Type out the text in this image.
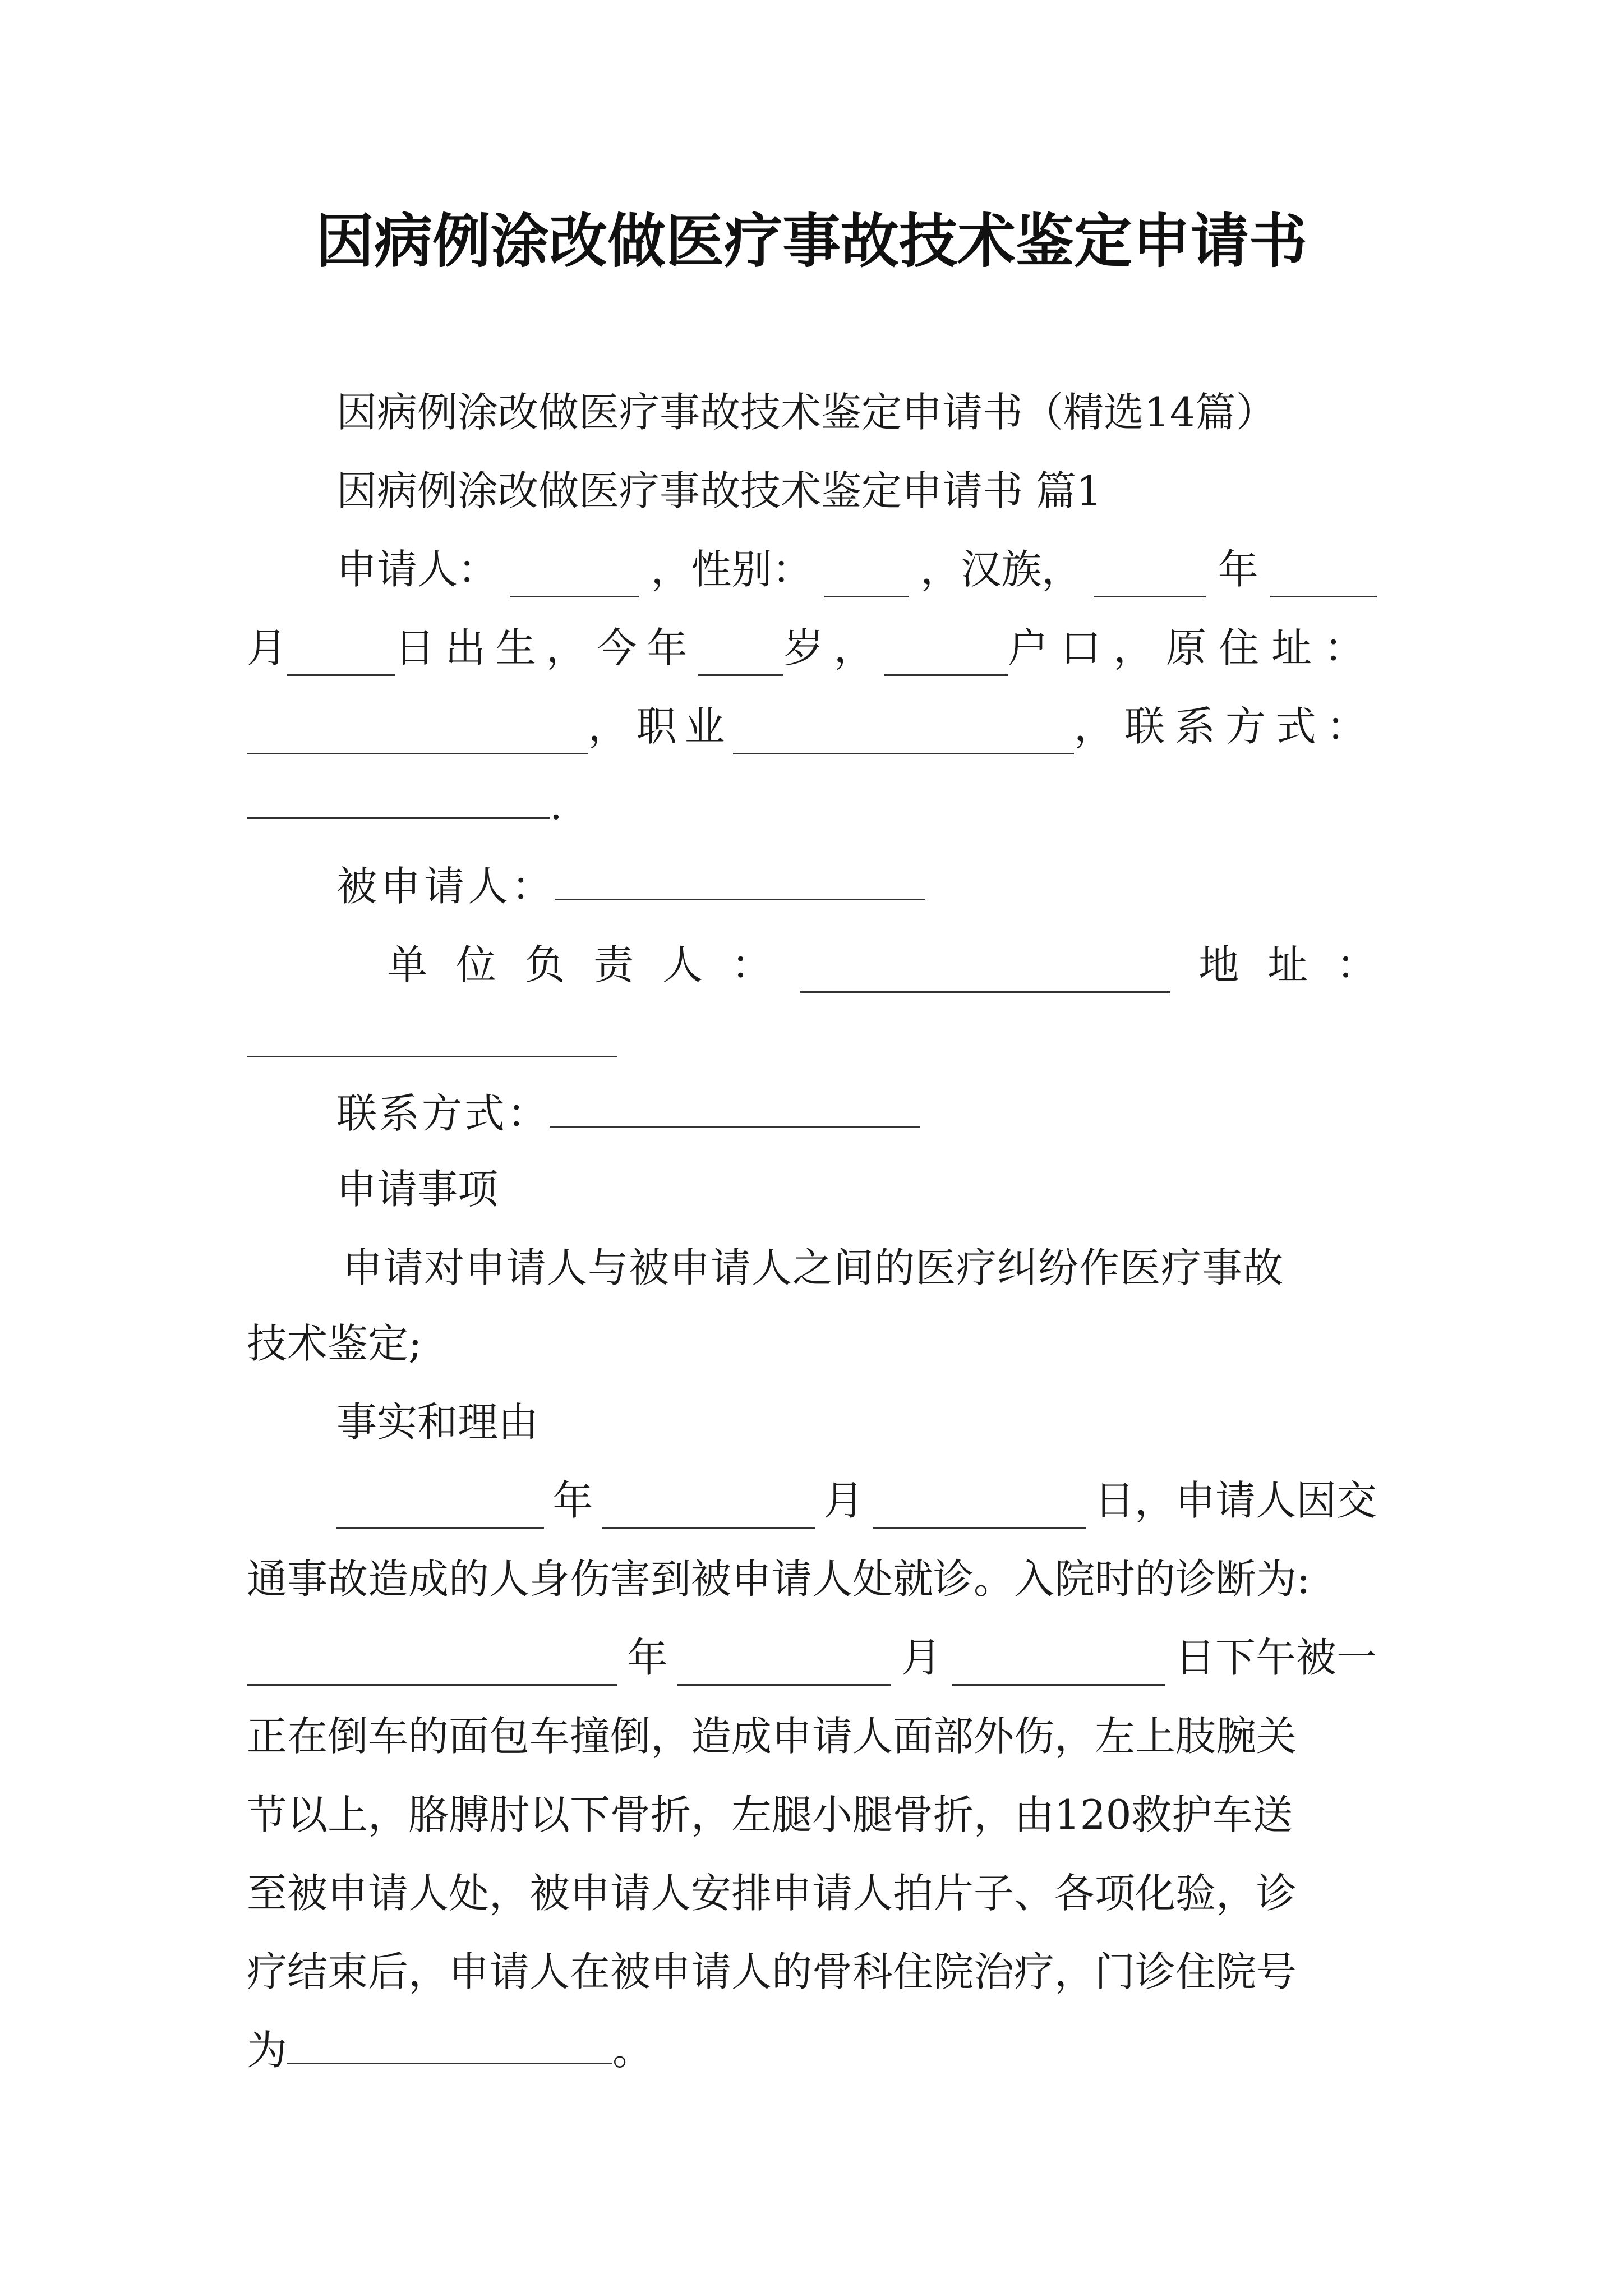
因病例涂改做医疗事故技术鉴定申请书
因病例涂改做医疗事故技术鉴定申请书（精选14篇）
因病例涂改做医疗事故技术鉴定申请书 篇1
申请人：	，性别：	，汉族，	年
月	日出生，今年 岁，	户口，原住址：
，职业	，联系方式：
.
被申请人：
单 位 负 责 人 ：	地 址 ：
联系方式：
申请事项
申请对申请人与被申请人之间的医疗纠纷作医疗事故
技术鉴定;
事实和理由
年	月	日，申请人因交
通事故造成的人身伤害到被申请人处就诊。入院时的诊断为:
年	月	日下午被一
正在倒车的面包车撞倒，造成申请人面部外伤，左上肢腕关
节以上，胳膊肘以下骨折，左腿小腿骨折，由120救护车送
至被申请人处，被申请人安排申请人拍片子、各项化验，诊
疗结束后，申请人在被申请人的骨科住院治疗，门诊住院号
为	。
